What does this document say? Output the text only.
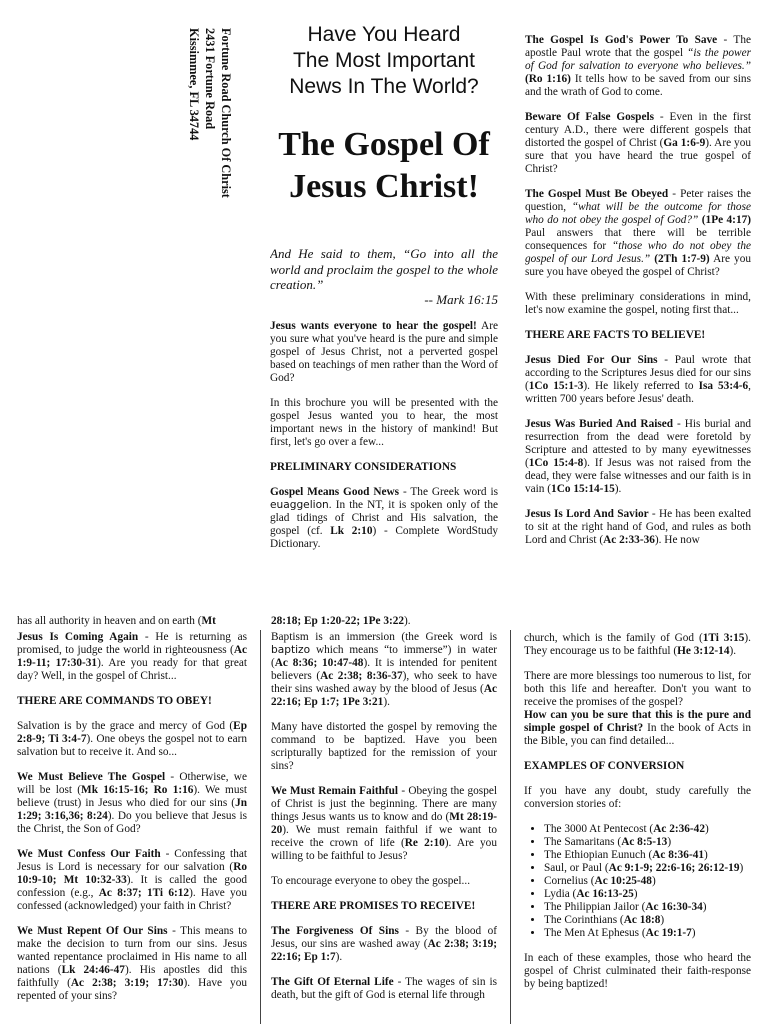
Fortune Road Church Of Christ
2431 Fortune Road
Kissimmee, FL 34744	Have You Heard
The Most Important
News In The World?
The Gospel Of
Jesus Christ!

And He said to them, “Go into all the world and proclaim the gospel to the whole creation.”

-- Mark 16:15

Jesus wants everyone to hear the gospel! Are you sure what you've heard is the pure and simple gospel of Jesus Christ, not a perverted gospel based on teachings of men rather than the Word of God?

In this brochure you will be presented with the gospel Jesus wanted you to hear, the most important news in the history of mankind! But first, let's go over a few...

PRELIMINARY CONSIDERATIONS

Gospel Means Good News - The Greek word is euaggelion. In the NT, it is spoken only of the glad tidings of Christ and His salvation, the gospel (cf. Lk 2:10) - Complete WordStudy Dictionary.

The Gospel Is God's Power To Save - The apostle Paul wrote that the gospel “is the power of God for salvation to everyone who believes.” (Ro 1:16) It tells how to be saved from our sins and the wrath of God to come.

Beware Of False Gospels - Even in the first century A.D., there were different gospels that distorted the gospel of Christ (Ga 1:6-9). Are you sure that you have heard the true gospel of Christ?

The Gospel Must Be Obeyed - Peter raises the question, “what will be the outcome for those who do not obey the gospel of God?” (1Pe 4:17) Paul answers that there will be terrible consequences for “those who do not obey the gospel of our Lord Jesus.” (2Th 1:7-9) Are you sure you have obeyed the gospel of Christ?

With these preliminary considerations in mind, let's now examine the gospel, noting first that...

THERE ARE FACTS TO BELIEVE!

Jesus Died For Our Sins - Paul wrote that according to the Scriptures Jesus died for our sins (1Co 15:1-3). He likely referred to Isa 53:4-6, written 700 years before Jesus' death.

Jesus Was Buried And Raised - His burial and resurrection from the dead were foretold by Scripture and attested to by many eyewitnesses (1Co 15:4-8). If Jesus was not raised from the dead, they were false witnesses and our faith is in vain (1Co 15:14-15).

Jesus Is Lord And Savior - He has been exalted to sit at the right hand of God, and rules as both Lord and Christ (Ac 2:33-36). He now

has all authority in heaven and on earth (Mt

Jesus Is Coming Again - He is returning as promised, to judge the world in righteousness (Ac 1:9-11; 17:30-31). Are you ready for that great day? Well, in the gospel of Christ...

THERE ARE COMMANDS TO OBEY!

Salvation is by the grace and mercy of God (Ep 2:8-9; Ti 3:4-7). One obeys the gospel not to earn salvation but to receive it. And so...

We Must Believe The Gospel - Otherwise, we will be lost (Mk 16:15-16; Ro 1:16). We must believe (trust) in Jesus who died for our sins (Jn 1:29; 3:16,36; 8:24). Do you believe that Jesus is the Christ, the Son of God?

We Must Confess Our Faith - Confessing that Jesus is Lord is necessary for our salvation (Ro 10:9-10; Mt 10:32-33). It is called the good confession (e.g., Ac 8:37; 1Ti 6:12). Have you confessed (acknowledged) your faith in Christ?

We Must Repent Of Our Sins - This means to make the decision to turn from our sins. Jesus wanted repentance proclaimed in His name to all nations (Lk 24:46-47). His apostles did this faithfully (Ac 2:38; 3:19; 17:30). Have you repented of your sins?

28:18; Ep 1:20-22; 1Pe 3:22).

Baptism is an immersion (the Greek word is baptizo which means “to immerse”) in water (Ac 8:36; 10:47-48). It is intended for penitent believers (Ac 2:38; 8:36-37), who seek to have their sins washed away by the blood of Jesus (Ac 22:16; Ep 1:7; 1Pe 3:21).

Many have distorted the gospel by removing the command to be baptized. Have you been scripturally baptized for the remission of your sins?

We Must Remain Faithful - Obeying the gospel of Christ is just the beginning. There are many things Jesus wants us to know and do (Mt 28:19-20). We must remain faithful if we want to receive the crown of life (Re 2:10). Are you willing to be faithful to Jesus?

To encourage everyone to obey the gospel...

THERE ARE PROMISES TO RECEIVE!

The Forgiveness Of Sins - By the blood of Jesus, our sins are washed away (Ac 2:38; 3:19; 22:16; Ep 1:7).

The Gift Of Eternal Life - The wages of sin is death, but the gift of God is eternal life through

church, which is the family of God (1Ti 3:15). They encourage us to be faithful (He 3:12-14).

There are more blessings too numerous to list, for both this life and hereafter. Don't you want to receive the promises of the gospel?

How can you be sure that this is the pure and simple gospel of Christ? In the book of Acts in the Bible, you can find detailed...

EXAMPLES OF CONVERSION

If you have any doubt, study carefully the conversion stories of:

• The 3000 At Pentecost (Ac 2:36-42)
• The Samaritans (Ac 8:5-13)
• The Ethiopian Eunuch (Ac 8:36-41)
• Saul, or Paul (Ac 9:1-9; 22:6-16; 26:12-19)
• Cornelius (Ac 10:25-48)
• Lydia (Ac 16:13-25)
• The Philippian Jailor (Ac 16:30-34)
• The Corinthians (Ac 18:8)
• The Men At Ephesus (Ac 19:1-7)

In each of these examples, those who heard the gospel of Christ culminated their faith-response by being baptized!
